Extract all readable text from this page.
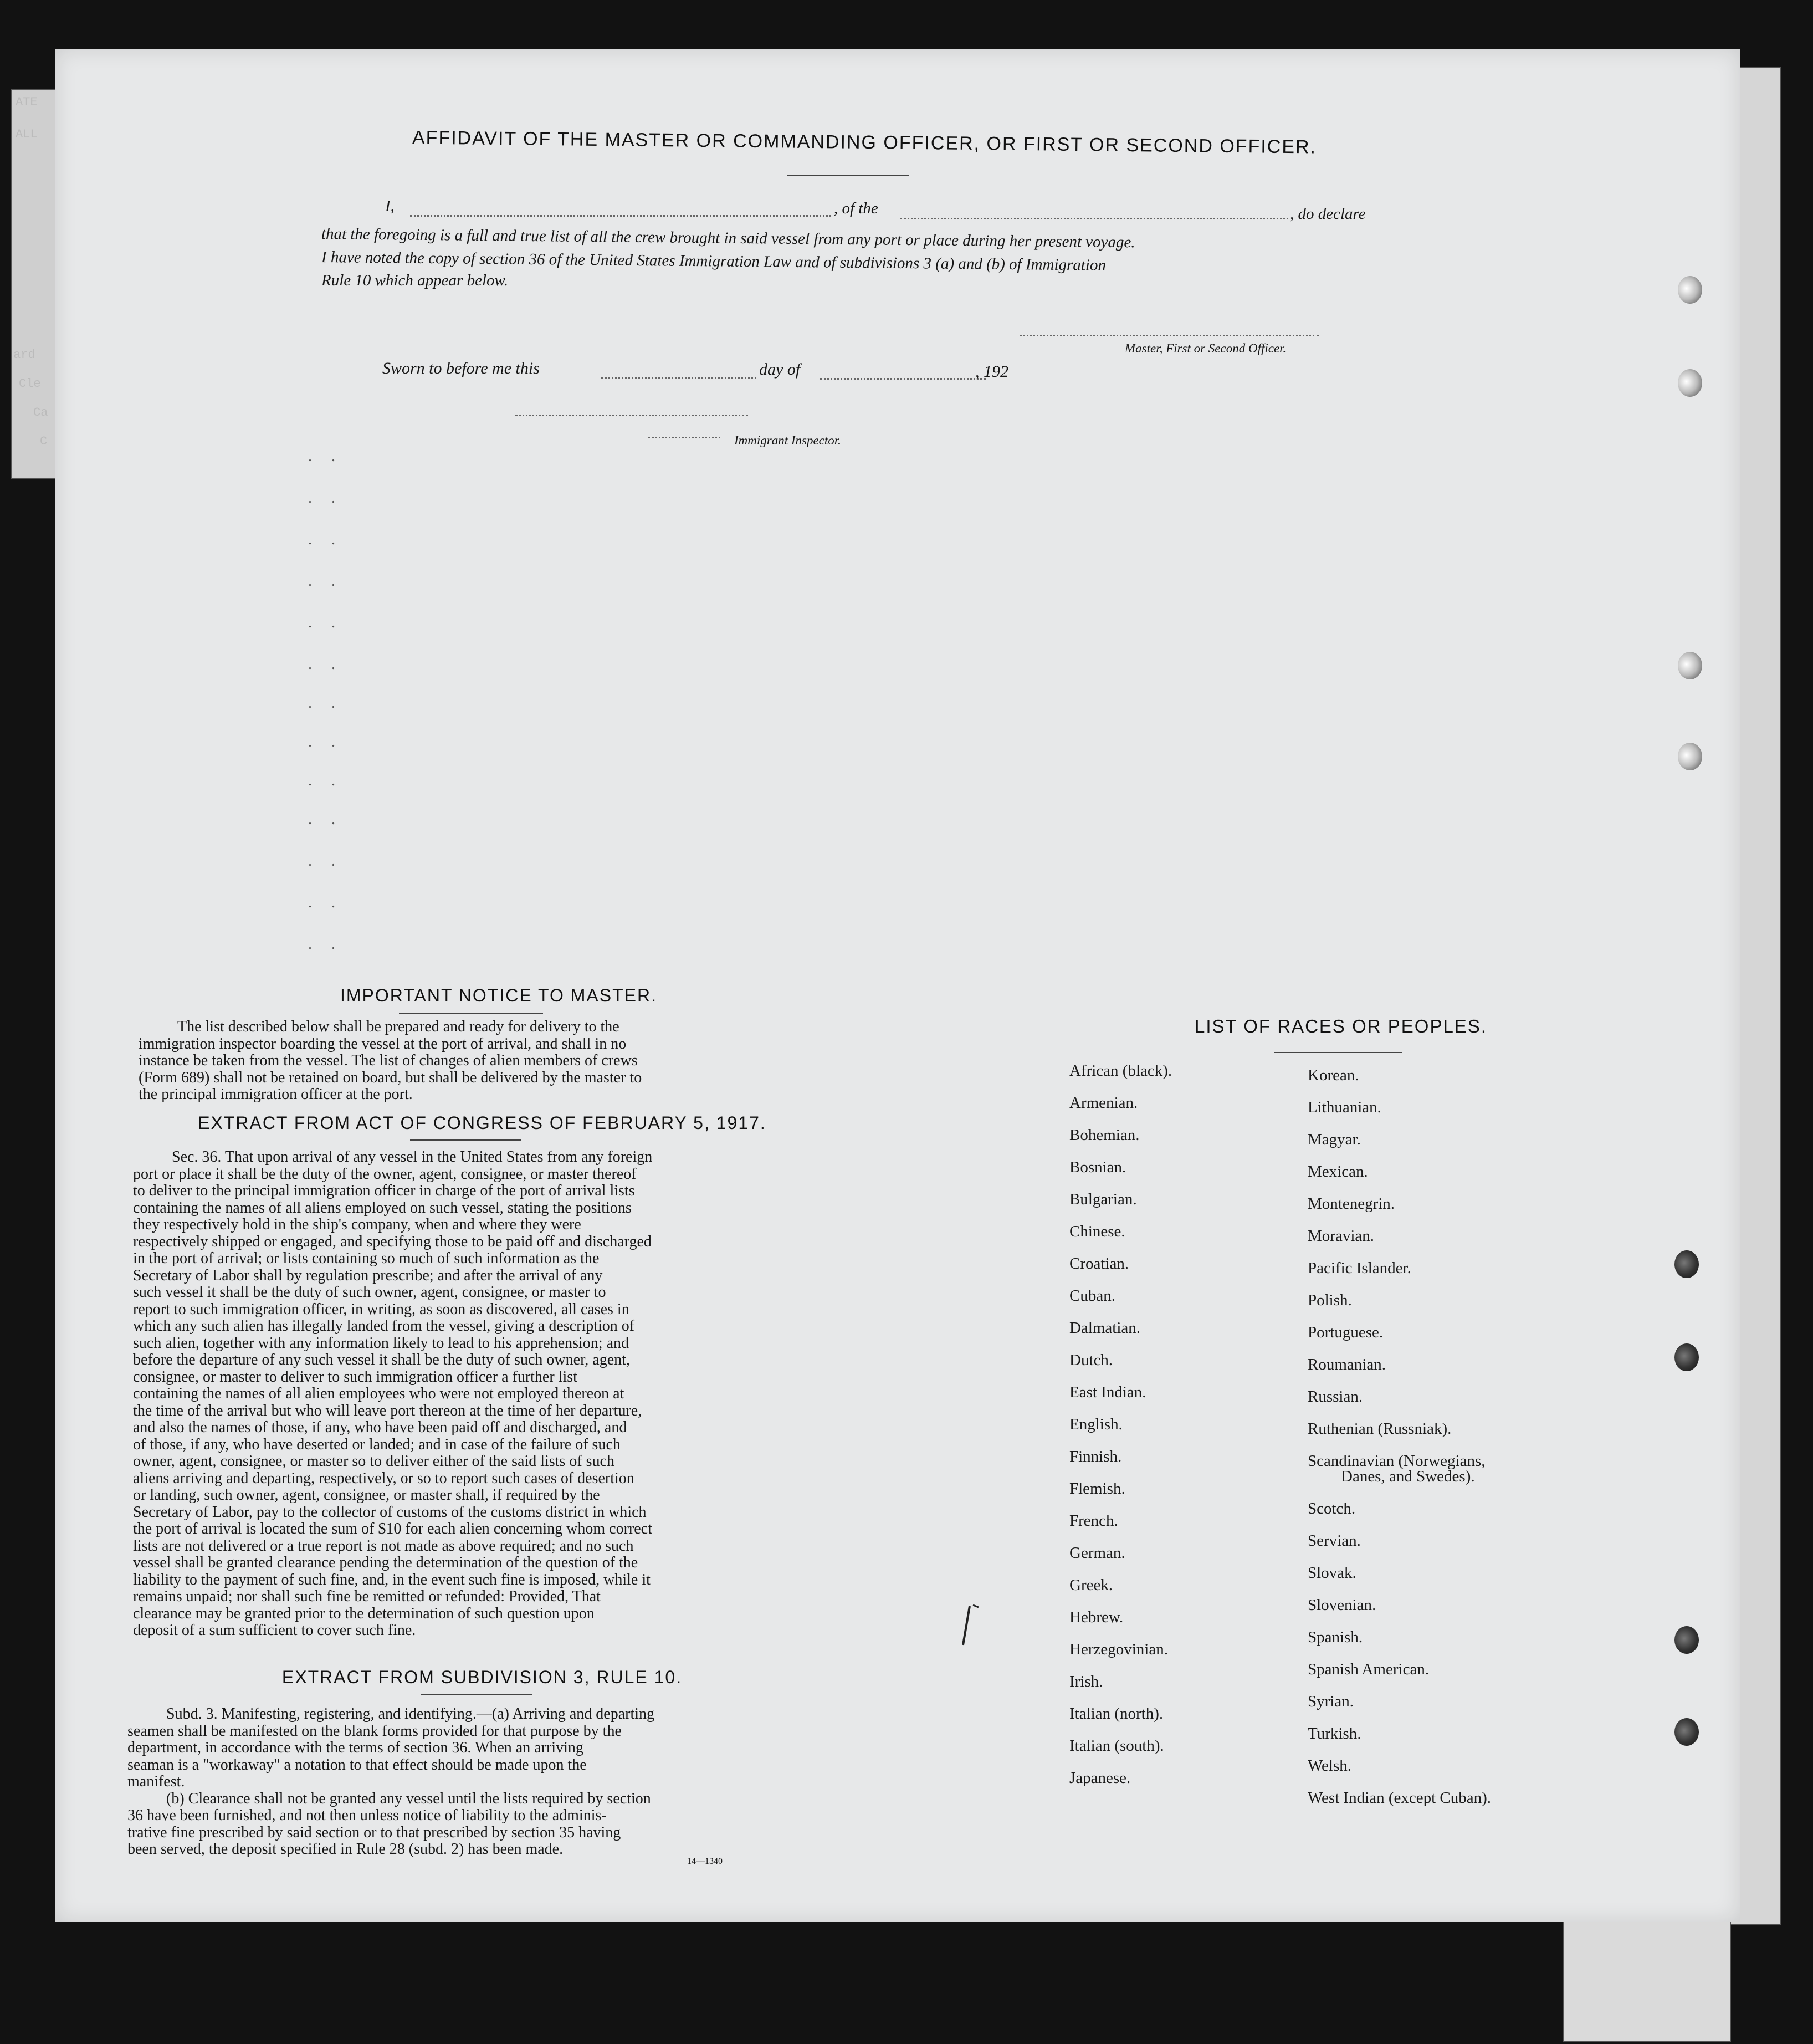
ATE
ALL
ard
Cle
Ca
C
AFFIDAVIT OF THE MASTER OR COMMANDING OFFICER, OR FIRST OR SECOND OFFICER.
I,	, of the	, do declare
that the foregoing is a full and true list of all the crew brought in said vessel from any port or place during her present voyage.
I have noted the copy of section 36 of the United States Immigration Law and of subdivisions 3 (a) and (b) of Immigration
Rule 10 which appear below.
Master, First or Second Officer.
Sworn to before me this	day of	, 192
Immigrant Inspector.
. .
. .
. .
. .
. .
. .
. .
. .
. .
. .
. .
. .
. .
IMPORTANT NOTICE TO MASTER.
The list described below shall be prepared and ready for delivery to the
immigration inspector boarding the vessel at the port of arrival, and shall in no
instance be taken from the vessel. The list of changes of alien members of crews
(Form 689) shall not be retained on board, but shall be delivered by the master to
the principal immigration officer at the port.
EXTRACT FROM ACT OF CONGRESS OF FEBRUARY 5, 1917.
Sec. 36. That upon arrival of any vessel in the United States from any foreign
port or place it shall be the duty of the owner, agent, consignee, or master thereof
to deliver to the principal immigration officer in charge of the port of arrival lists
containing the names of all aliens employed on such vessel, stating the positions
they respectively hold in the ship's company, when and where they were
respectively shipped or engaged, and specifying those to be paid off and discharged
in the port of arrival; or lists containing so much of such information as the
Secretary of Labor shall by regulation prescribe; and after the arrival of any
such vessel it shall be the duty of such owner, agent, consignee, or master to
report to such immigration officer, in writing, as soon as discovered, all cases in
which any such alien has illegally landed from the vessel, giving a description of
such alien, together with any information likely to lead to his apprehension; and
before the departure of any such vessel it shall be the duty of such owner, agent,
consignee, or master to deliver to such immigration officer a further list
containing the names of all alien employees who were not employed thereon at
the time of the arrival but who will leave port thereon at the time of her departure,
and also the names of those, if any, who have been paid off and discharged, and
of those, if any, who have deserted or landed; and in case of the failure of such
owner, agent, consignee, or master so to deliver either of the said lists of such
aliens arriving and departing, respectively, or so to report such cases of desertion
or landing, such owner, agent, consignee, or master shall, if required by the
Secretary of Labor, pay to the collector of customs of the customs district in which
the port of arrival is located the sum of $10 for each alien concerning whom correct
lists are not delivered or a true report is not made as above required; and no such
vessel shall be granted clearance pending the determination of the question of the
liability to the payment of such fine, and, in the event such fine is imposed, while it
remains unpaid; nor shall such fine be remitted or refunded: Provided, That
clearance may be granted prior to the determination of such question upon
deposit of a sum sufficient to cover such fine.
EXTRACT FROM SUBDIVISION 3, RULE 10.
Subd. 3. Manifesting, registering, and identifying.—(a) Arriving and departing
seamen shall be manifested on the blank forms provided for that purpose by the
department, in accordance with the terms of section 36. When an arriving
seaman is a "workaway" a notation to that effect should be made upon the
manifest.
(b) Clearance shall not be granted any vessel until the lists required by section
36 have been furnished, and not then unless notice of liability to the adminis-
trative fine prescribed by said section or to that prescribed by section 35 having
been served, the deposit specified in Rule 28 (subd. 2) has been made.
14—1340
LIST OF RACES OR PEOPLES.
African (black).
Armenian.
Bohemian.
Bosnian.
Bulgarian.
Chinese.
Croatian.
Cuban.
Dalmatian.
Dutch.
East Indian.
English.
Finnish.
Flemish.
French.
German.
Greek.
Hebrew.
Herzegovinian.
Irish.
Italian (north).
Italian (south).
Japanese.
Korean.
Lithuanian.
Magyar.
Mexican.
Montenegrin.
Moravian.
Pacific Islander.
Polish.
Portuguese.
Roumanian.
Russian.
Ruthenian (Russniak).
Scandinavian (Norwegians,
Danes, and Swedes).
Scotch.
Servian.
Slovak.
Slovenian.
Spanish.
Spanish American.
Syrian.
Turkish.
Welsh.
West Indian (except Cuban).
